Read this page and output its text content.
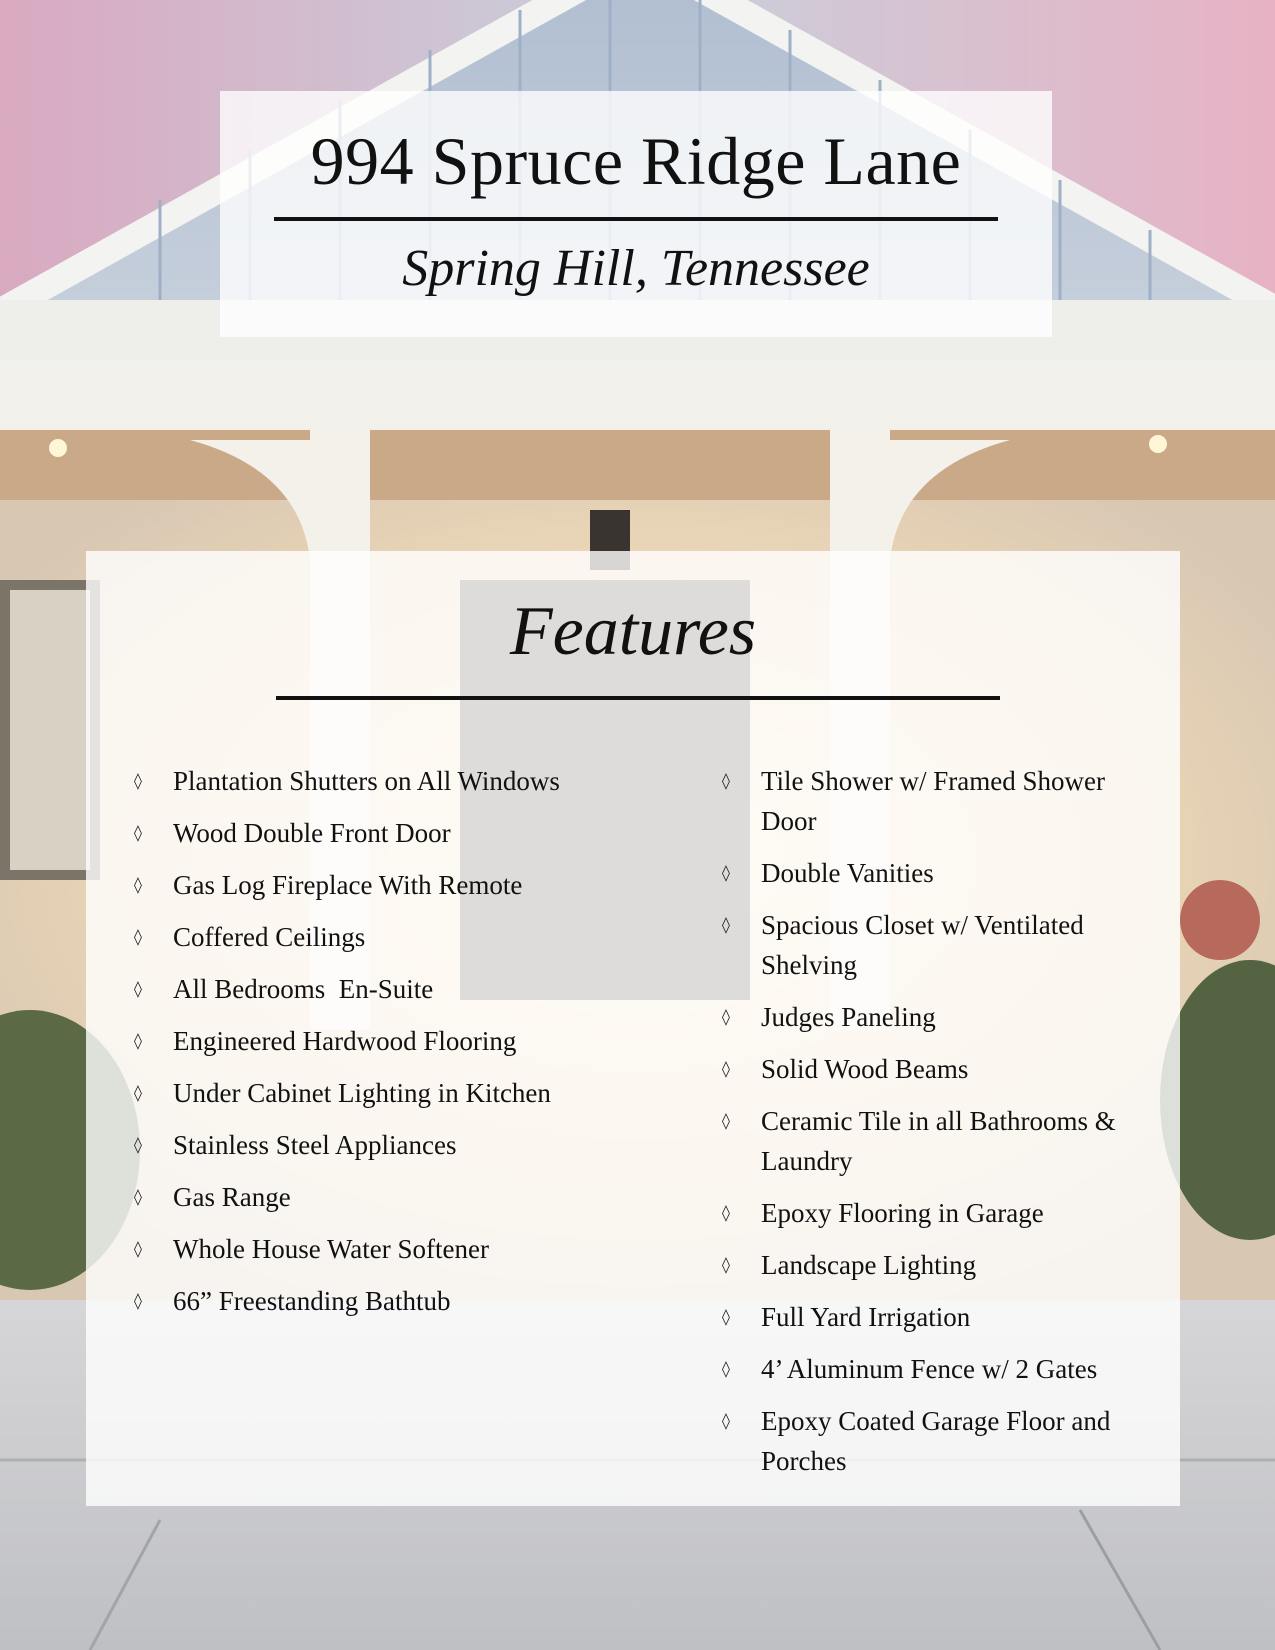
994 Spruce Ridge Lane
Spring Hill, Tennessee
Features
◊ Plantation Shutters on All Windows
◊ Wood Double Front Door
◊ Gas Log Fireplace With Remote
◊ Coffered Ceilings
◊ All Bedrooms  En-Suite
◊ Engineered Hardwood Flooring
◊ Under Cabinet Lighting in Kitchen
◊ Stainless Steel Appliances
◊ Gas Range
◊ Whole House Water Softener
◊ 66” Freestanding Bathtub
◊ Tile Shower w/ Framed Shower Door
◊ Double Vanities
◊ Spacious Closet w/ Ventilated Shelving
◊ Judges Paneling
◊ Solid Wood Beams
◊ Ceramic Tile in all Bathrooms & Laundry
◊ Epoxy Flooring in Garage
◊ Landscape Lighting
◊ Full Yard Irrigation
◊ 4’ Aluminum Fence w/ 2 Gates
◊ Epoxy Coated Garage Floor and Porches
